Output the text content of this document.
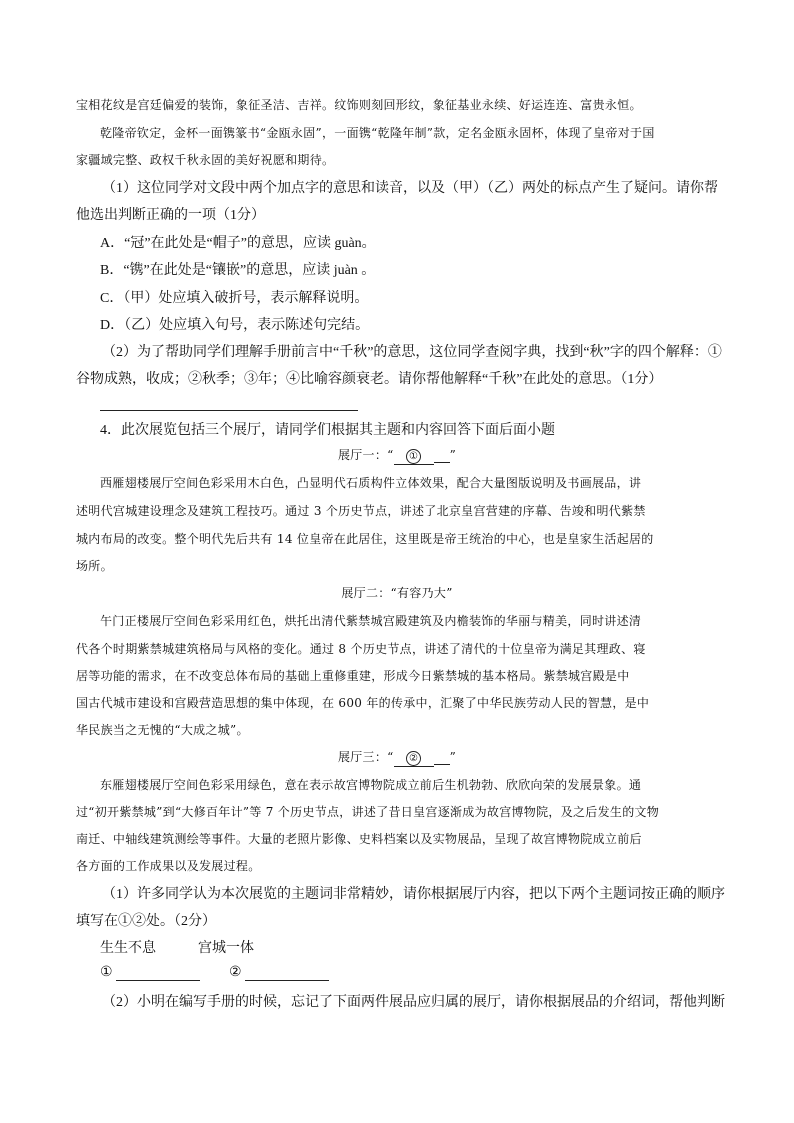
宝相花纹是宫廷偏爱的装饰，象征圣洁、吉祥。纹饰则刻回形纹，象征基业永续、好运连连、富贵永恒。
乾隆帝钦定，金杯一面镌篆书“金瓯永固”，一面镌“乾隆年制”款，定名金瓯永固杯，体现了皇帝对于国
家疆域完整、政权千秋永固的美好祝愿和期待。
（1）这位同学对文段中两个加点字的意思和读音，以及（甲）（乙）两处的标点产生了疑问。请你帮
他选出判断正确的一项（1分）
A．“冠”在此处是“帽子”的意思，应读 guàn。
B．“镌”在此处是“镶嵌”的意思，应读 juàn 。
C．（甲）处应填入破折号，表示解释说明。
D．（乙）处应填入句号，表示陈述句完结。
（2）为了帮助同学们理解手册前言中“千秋”的意思，这位同学查阅字典，找到“秋”字的四个解释：①
谷物成熟，收成；②秋季；③年；④比喻容颜衰老。请你帮他解释“千秋”在此处的意思。（1分）
4．此次展览包括三个展厅，请同学们根据其主题和内容回答下面后面小题
展厅一：“ ①	”
西雁翅楼展厅空间色彩采用木白色，凸显明代石质构件立体效果，配合大量图版说明及书画展品，讲
述明代宫城建设理念及建筑工程技巧。通过 3 个历史节点，讲述了北京皇宫营建的序幕、告竣和明代紫禁
城内布局的改变。整个明代先后共有 14 位皇帝在此居住，这里既是帝王统治的中心，也是皇家生活起居的
场所。
展厅二：“有容乃大”
午门正楼展厅空间色彩采用红色，烘托出清代紫禁城宫殿建筑及内檐装饰的华丽与精美，同时讲述清
代各个时期紫禁城建筑格局与风格的变化。通过 8 个历史节点，讲述了清代的十位皇帝为满足其理政、寝
居等功能的需求，在不改变总体布局的基础上重修重建，形成今日紫禁城的基本格局。紫禁城宫殿是中
国古代城市建设和宫殿营造思想的集中体现，在 600 年的传承中，汇聚了中华民族劳动人民的智慧，是中
华民族当之无愧的“大成之城”。
展厅三：“ ②	”
东雁翅楼展厅空间色彩采用绿色，意在表示故宫博物院成立前后生机勃勃、欣欣向荣的发展景象。通
过“初开紫禁城”到“大修百年计”等 7 个历史节点，讲述了昔日皇宫逐渐成为故宫博物院，及之后发生的文物
南迁、中轴线建筑测绘等事件。大量的老照片影像、史料档案以及实物展品，呈现了故宫博物院成立前后
各方面的工作成果以及发展过程。
（1）许多同学认为本次展览的主题词非常精妙，请你根据展厅内容，把以下两个主题词按正确的顺序
填写在①②处。（2分）
生生不息	宫城一体
①	②
（2）小明在编写手册的时候，忘记了下面两件展品应归属的展厅，请你根据展品的介绍词，帮他判断
